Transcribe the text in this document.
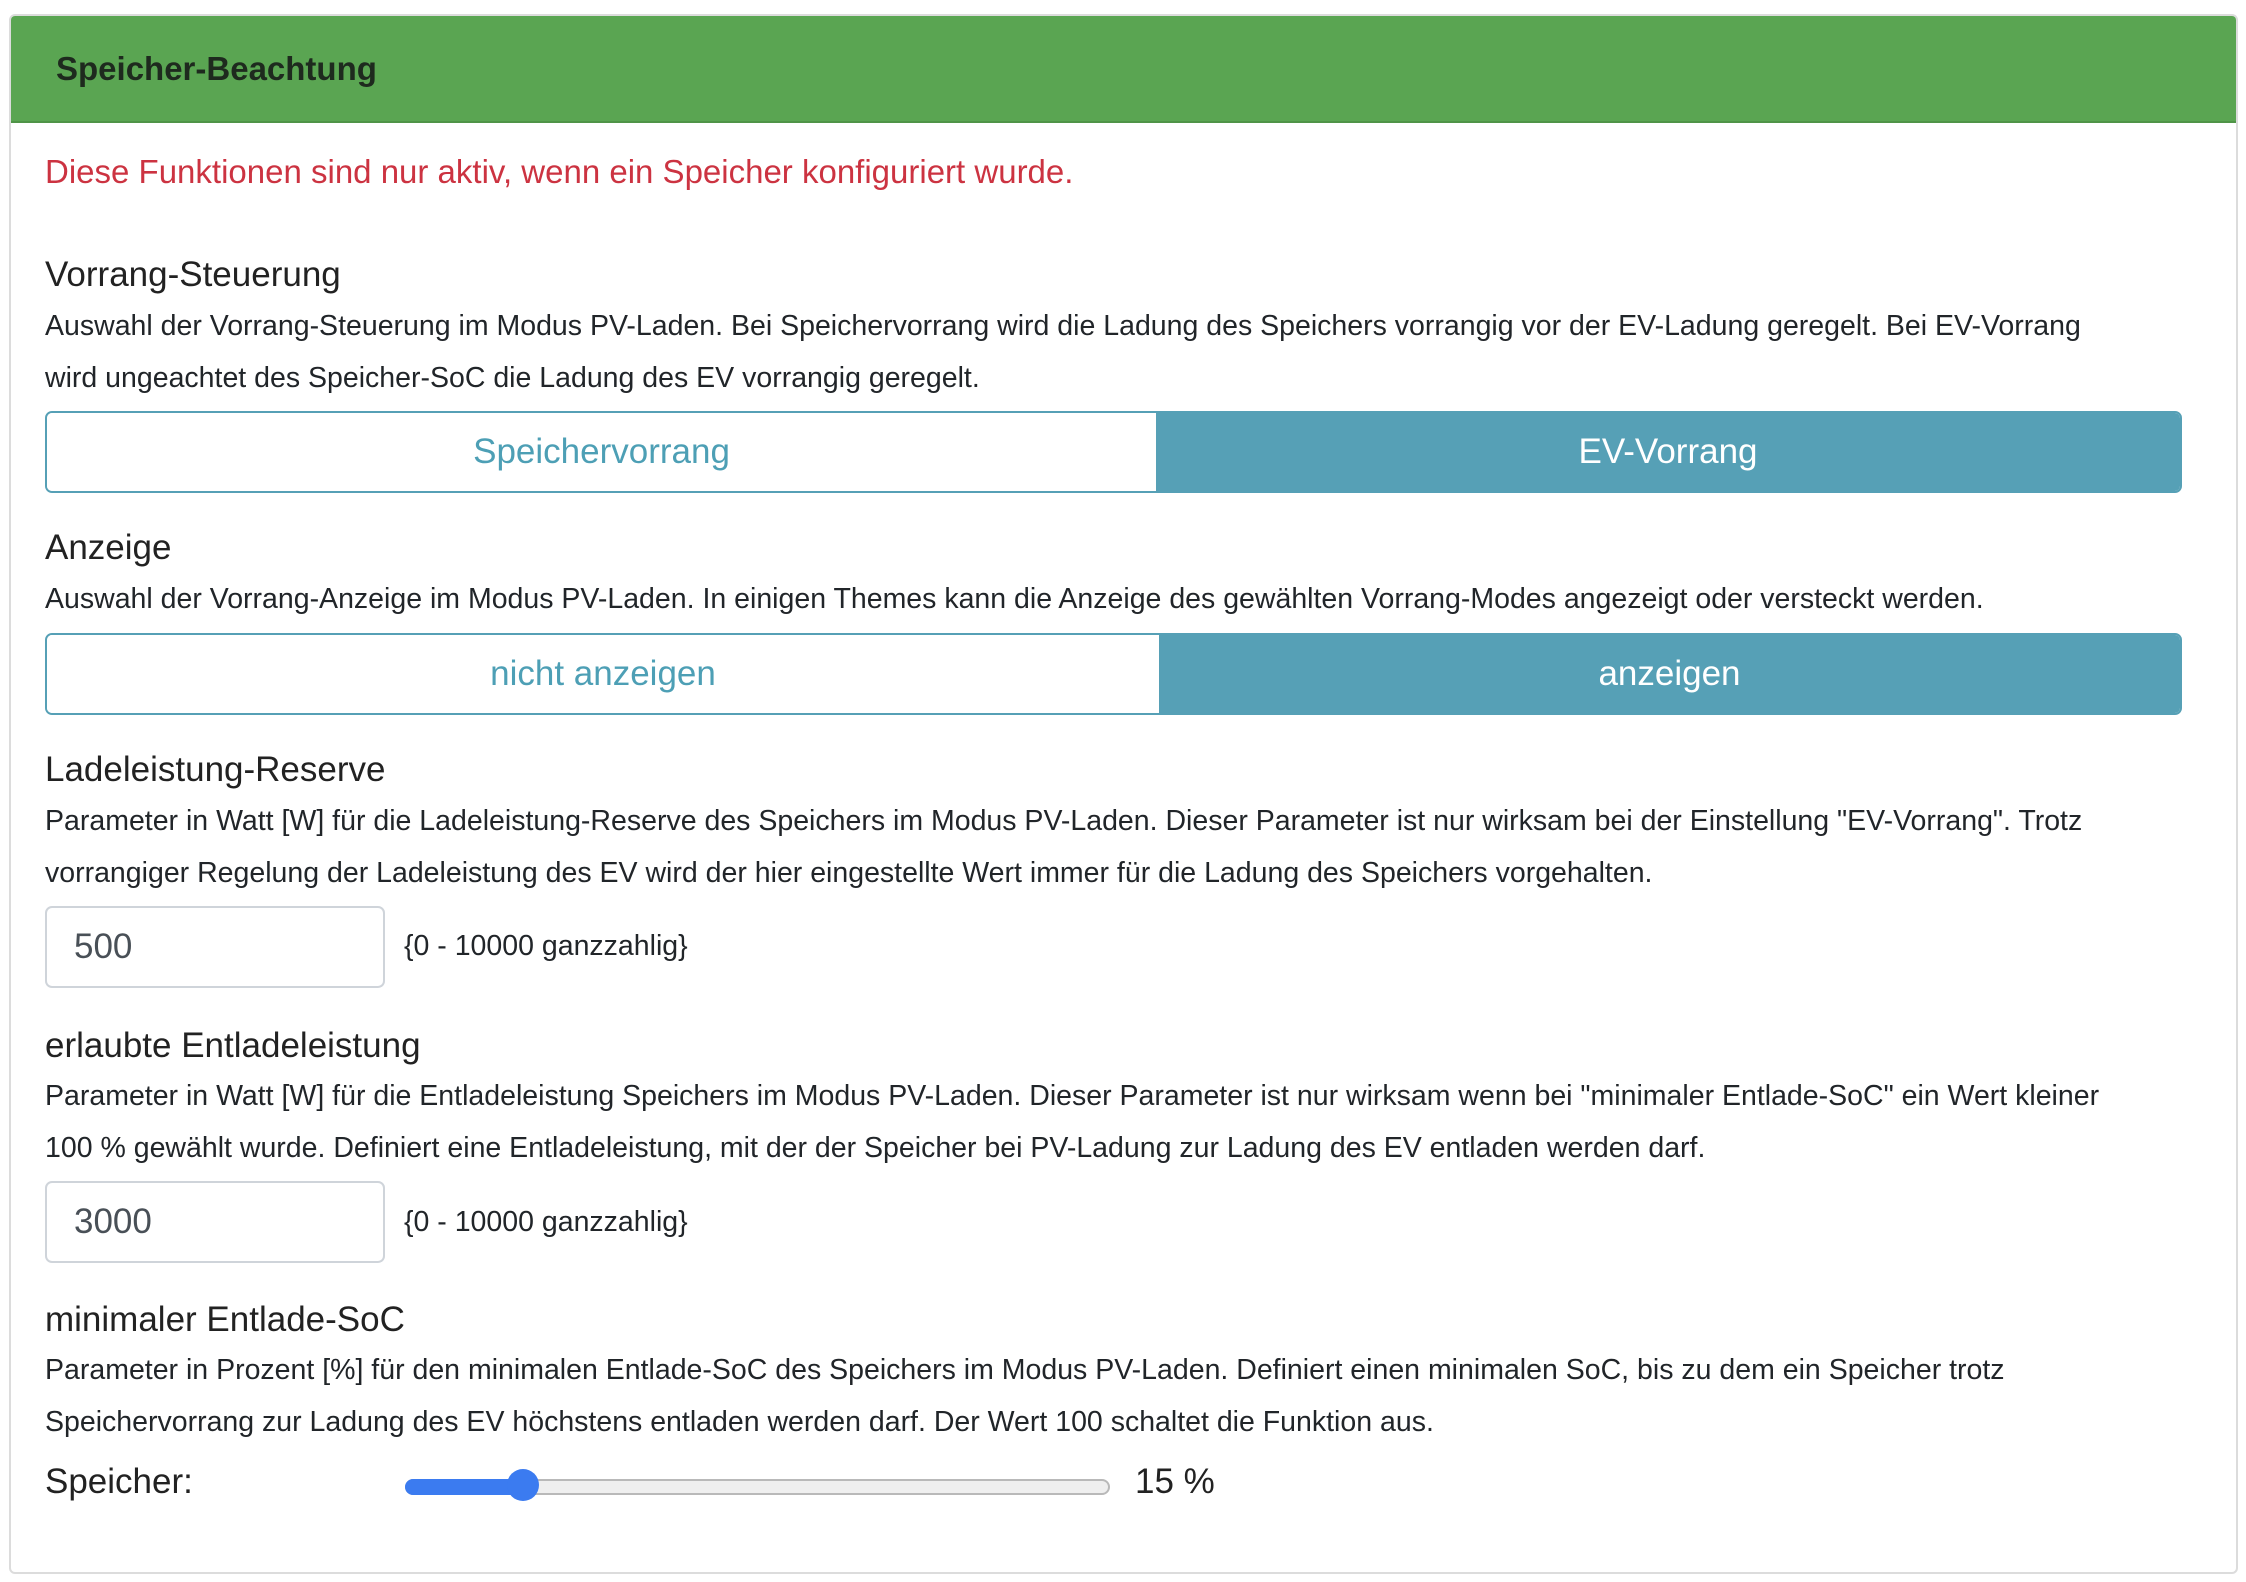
Speicher-Beachtung
Diese Funktionen sind nur aktiv, wenn ein Speicher konfiguriert wurde.
Vorrang-Steuerung
Auswahl der Vorrang-Steuerung im Modus PV-Laden. Bei Speichervorrang wird die Ladung des Speichers vorrangig vor der EV-Ladung geregelt. Bei EV-Vorrang
wird ungeachtet des Speicher-SoC die Ladung des EV vorrangig geregelt.
Speichervorrang	EV-Vorrang
Anzeige
Auswahl der Vorrang-Anzeige im Modus PV-Laden. In einigen Themes kann die Anzeige des gewählten Vorrang-Modes angezeigt oder versteckt werden.
nicht anzeigen	anzeigen
Ladeleistung-Reserve
Parameter in Watt [W] für die Ladeleistung-Reserve des Speichers im Modus PV-Laden. Dieser Parameter ist nur wirksam bei der Einstellung "EV-Vorrang". Trotz
vorrangiger Regelung der Ladeleistung des EV wird der hier eingestellte Wert immer für die Ladung des Speichers vorgehalten.
500
{0 - 10000 ganzzahlig}
erlaubte Entladeleistung
Parameter in Watt [W] für die Entladeleistung Speichers im Modus PV-Laden. Dieser Parameter ist nur wirksam wenn bei "minimaler Entlade-SoC" ein Wert kleiner
100 % gewählt wurde. Definiert eine Entladeleistung, mit der der Speicher bei PV-Ladung zur Ladung des EV entladen werden darf.
3000
{0 - 10000 ganzzahlig}
minimaler Entlade-SoC
Parameter in Prozent [%] für den minimalen Entlade-SoC des Speichers im Modus PV-Laden. Definiert einen minimalen SoC, bis zu dem ein Speicher trotz
Speichervorrang zur Ladung des EV höchstens entladen werden darf. Der Wert 100 schaltet die Funktion aus.
Speicher:	15 %
